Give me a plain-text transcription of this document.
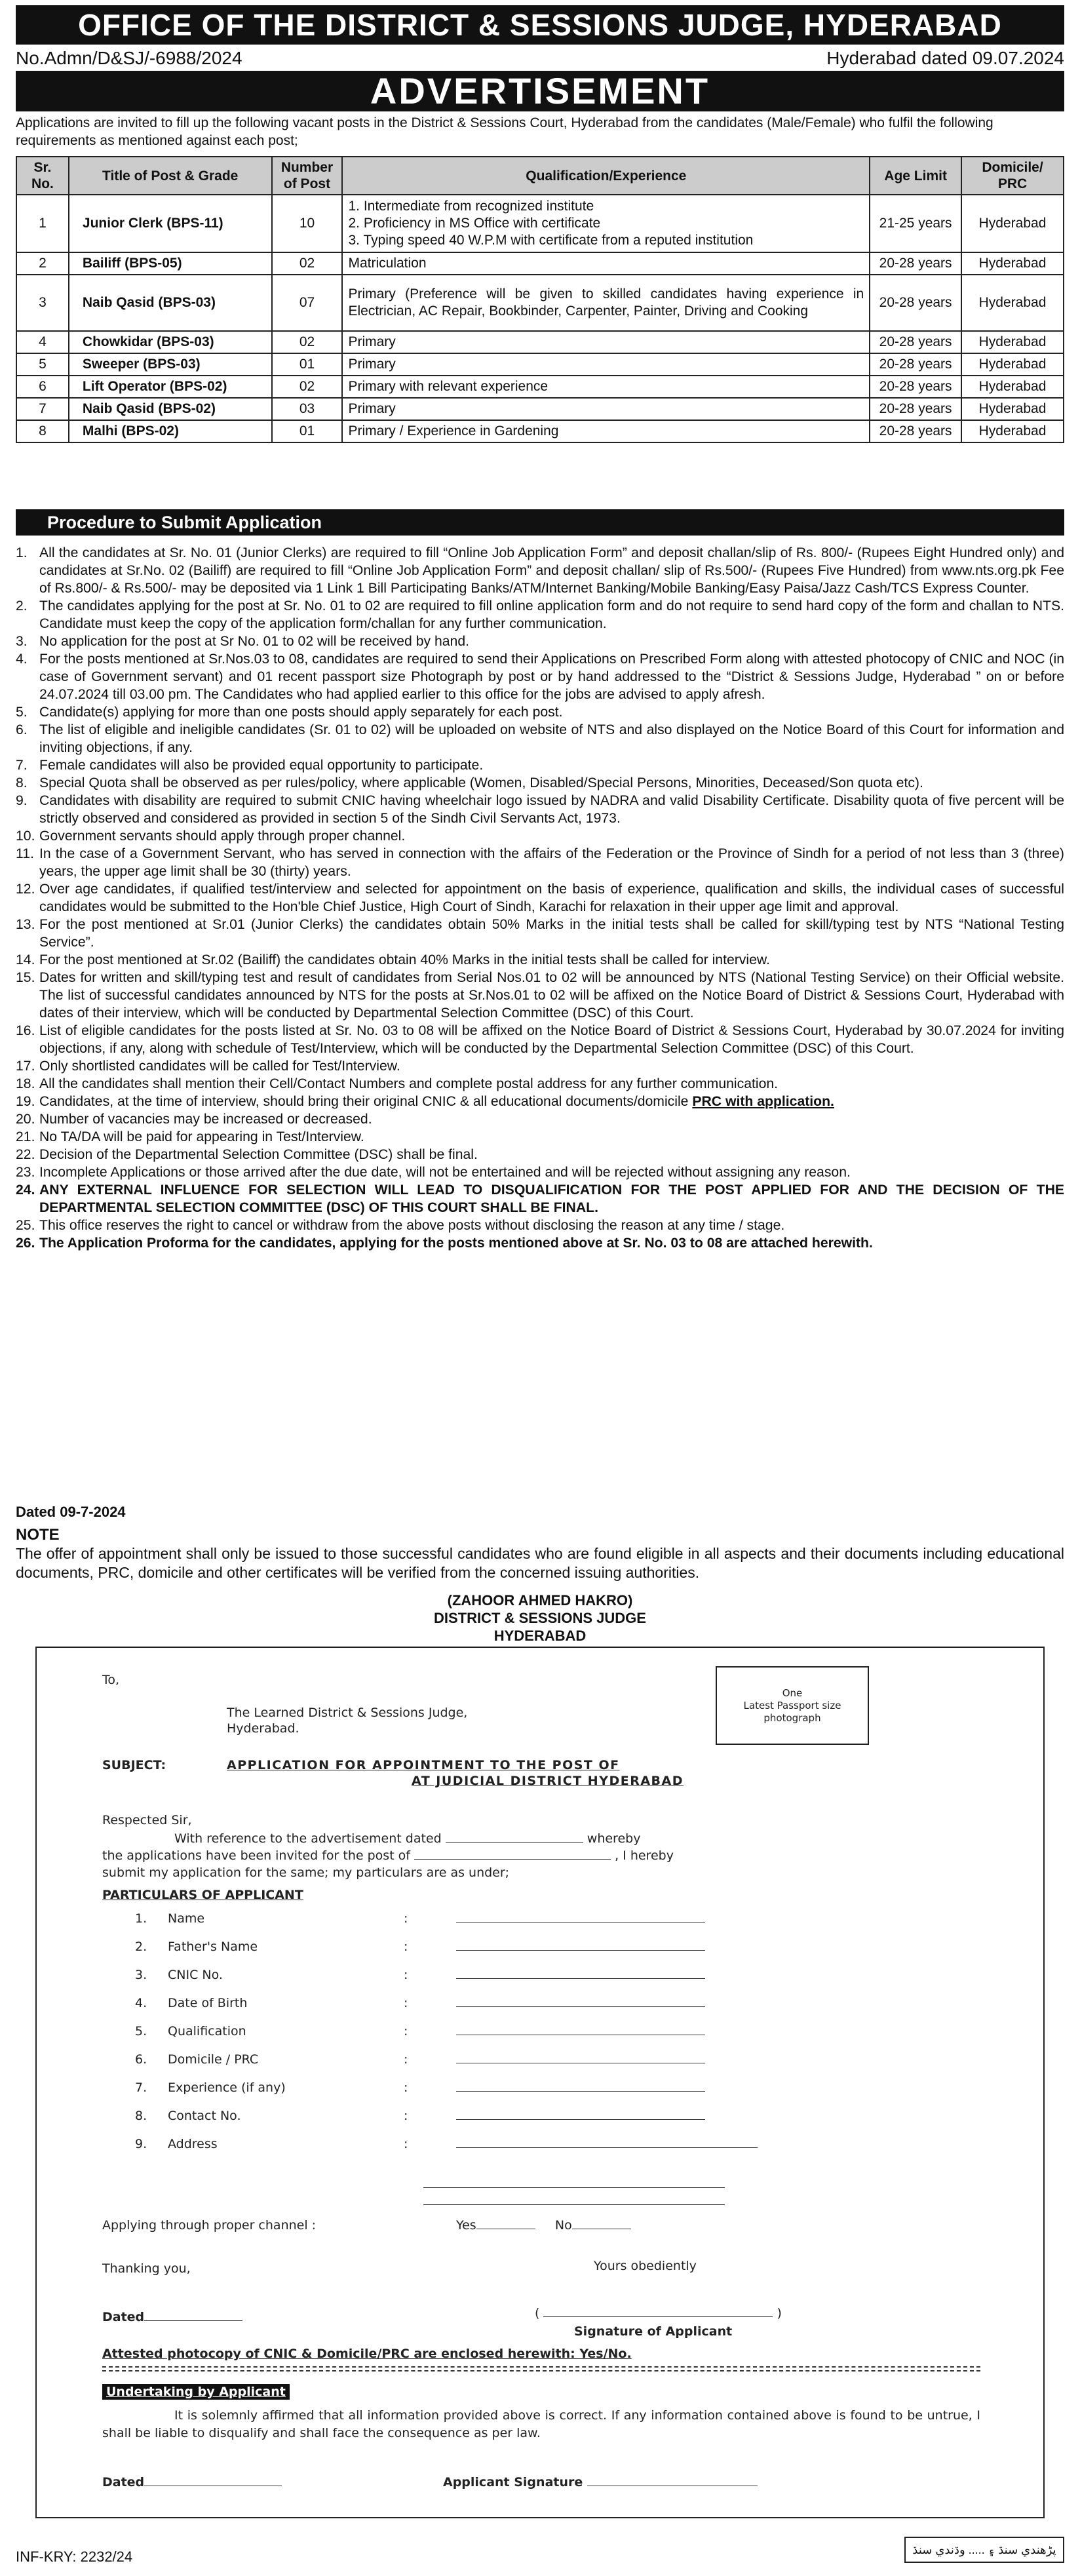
OFFICE OF THE DISTRICT & SESSIONS JUDGE, HYDERABAD
No.Admn/D&SJ/-6988/2024	Hyderabad dated 09.07.2024
ADVERTISEMENT
Applications are invited to fill up the following vacant posts in the District & Sessions Court, Hyderabad from the candidates (Male/Female) who fulfil the following requirements as mentioned against each post;
Sr. No.	Title of Post & Grade	Number of Post	Qualification/Experience	Age Limit	Domicile/ PRC
1	Junior Clerk (BPS-11)	10	1. Intermediate from recognized institute
2. Proficiency in MS Office with certificate
3. Typing speed 40 W.P.M with certificate from a reputed institution	21-25 years	Hyderabad
2	Bailiff (BPS-05)	02	Matriculation	20-28 years	Hyderabad
3	Naib Qasid (BPS-03)	07	Primary (Preference will be given to skilled candidates having experience in Electrician, AC Repair, Bookbinder, Carpenter, Painter, Driving and Cooking	20-28 years	Hyderabad
4	Chowkidar (BPS-03)	02	Primary	20-28 years	Hyderabad
5	Sweeper (BPS-03)	01	Primary	20-28 years	Hyderabad
6	Lift Operator (BPS-02)	02	Primary with relevant experience	20-28 years	Hyderabad
7	Naib Qasid (BPS-02)	03	Primary	20-28 years	Hyderabad
8	Malhi (BPS-02)	01	Primary / Experience in Gardening	20-28 years	Hyderabad
Procedure to Submit Application
1. All the candidates at Sr. No. 01 (Junior Clerks) are required to fill “Online Job Application Form” and deposit challan/slip of Rs. 800/- (Rupees Eight Hundred only) and candidates at Sr.No. 02 (Bailiff) are required to fill “Online Job Application Form” and deposit challan/ slip of Rs.500/- (Rupees Five Hundred) from www.nts.org.pk Fee of Rs.800/- & Rs.500/- may be deposited via 1 Link 1 Bill Participating Banks/ATM/Internet Banking/Mobile Banking/Easy Paisa/Jazz Cash/TCS Express Counter.
2. The candidates applying for the post at Sr. No. 01 to 02 are required to fill online application form and do not require to send hard copy of the form and challan to NTS. Candidate must keep the copy of the application form/challan for any further communication.
3. No application for the post at Sr No. 01 to 02 will be received by hand.
4. For the posts mentioned at Sr.Nos.03 to 08, candidates are required to send their Applications on Prescribed Form along with attested photocopy of CNIC and NOC (in case of Government servant) and 01 recent passport size Photograph by post or by hand addressed to the “District & Sessions Judge, Hyderabad ” on or before 24.07.2024 till 03.00 pm. The Candidates who had applied earlier to this office for the jobs are advised to apply afresh.
5. Candidate(s) applying for more than one posts should apply separately for each post.
6. The list of eligible and ineligible candidates (Sr. 01 to 02) will be uploaded on website of NTS and also displayed on the Notice Board of this Court for information and inviting objections, if any.
7. Female candidates will also be provided equal opportunity to participate.
8. Special Quota shall be observed as per rules/policy, where applicable (Women, Disabled/Special Persons, Minorities, Deceased/Son quota etc).
9. Candidates with disability are required to submit CNIC having wheelchair logo issued by NADRA and valid Disability Certificate. Disability quota of five percent will be strictly observed and considered as provided in section 5 of the Sindh Civil Servants Act, 1973.
10. Government servants should apply through proper channel.
11. In the case of a Government Servant, who has served in connection with the affairs of the Federation or the Province of Sindh for a period of not less than 3 (three) years, the upper age limit shall be 30 (thirty) years.
12. Over age candidates, if qualified test/interview and selected for appointment on the basis of experience, qualification and skills, the individual cases of successful candidates would be submitted to the Hon'ble Chief Justice, High Court of Sindh, Karachi for relaxation in their upper age limit and approval.
13. For the post mentioned at Sr.01 (Junior Clerks) the candidates obtain 50% Marks in the initial tests shall be called for skill/typing test by NTS “National Testing Service”.
14. For the post mentioned at Sr.02 (Bailiff) the candidates obtain 40% Marks in the initial tests shall be called for interview.
15. Dates for written and skill/typing test and result of candidates from Serial Nos.01 to 02 will be announced by NTS (National Testing Service) on their Official website. The list of successful candidates announced by NTS for the posts at Sr.Nos.01 to 02 will be affixed on the Notice Board of District & Sessions Court, Hyderabad with dates of their interview, which will be conducted by Departmental Selection Committee (DSC) of this Court.
16. List of eligible candidates for the posts listed at Sr. No. 03 to 08 will be affixed on the Notice Board of District & Sessions Court, Hyderabad by 30.07.2024 for inviting objections, if any, along with schedule of Test/Interview, which will be conducted by the Departmental Selection Committee (DSC) of this Court.
17. Only shortlisted candidates will be called for Test/Interview.
18. All the candidates shall mention their Cell/Contact Numbers and complete postal address for any further communication.
19. Candidates, at the time of interview, should bring their original CNIC & all educational documents/domicile PRC with application.
20. Number of vacancies may be increased or decreased.
21. No TA/DA will be paid for appearing in Test/Interview.
22. Decision of the Departmental Selection Committee (DSC) shall be final.
23. Incomplete Applications or those arrived after the due date, will not be entertained and will be rejected without assigning any reason.
24. ANY EXTERNAL INFLUENCE FOR SELECTION WILL LEAD TO DISQUALIFICATION FOR THE POST APPLIED FOR AND THE DECISION OF THE DEPARTMENTAL SELECTION COMMITTEE (DSC) OF THIS COURT SHALL BE FINAL.
25. This office reserves the right to cancel or withdraw from the above posts without disclosing the reason at any time / stage.
26. The Application Proforma for the candidates, applying for the posts mentioned above at Sr. No. 03 to 08 are attached herewith.
Dated 09-7-2024
NOTE
The offer of appointment shall only be issued to those successful candidates who are found eligible in all aspects and their documents including educational documents, PRC, domicile and other certificates will be verified from the concerned issuing authorities.
(ZAHOOR AHMED HAKRO)
DISTRICT & SESSIONS JUDGE
HYDERABAD
To,
One
Latest Passport size
photograph
The Learned District & Sessions Judge,
Hyderabad.
SUBJECT:	APPLICATION FOR APPOINTMENT TO THE POST OF
AT JUDICIAL DISTRICT HYDERABAD
Respected Sir,
With reference to the advertisement dated	whereby
the applications have been invited for the post of	, I hereby
submit my application for the same; my particulars are as under;
PARTICULARS OF APPLICANT
1. Name	:
2. Father's Name	:
3. CNIC No.	:
4. Date of Birth	:
5. Qualification	:
6. Domicile / PRC	:
7. Experience (if any)	:
8. Contact No.	:
9. Address	:
Applying through proper channel :	Yes	No
Thanking you,	Yours obediently
Dated	(	)
Signature of Applicant
Attested photocopy of CNIC & Domicile/PRC are enclosed herewith: Yes/No.
Undertaking by Applicant
It is solemnly affirmed that all information provided above is correct. If any information contained above is found to be untrue, I shall be liable to disqualify and shall face the consequence as per law.
Dated	Applicant Signature
INF-KRY: 2232/24	پڑهندي سنڌ ۽ ..... وڌندي سنڌ
